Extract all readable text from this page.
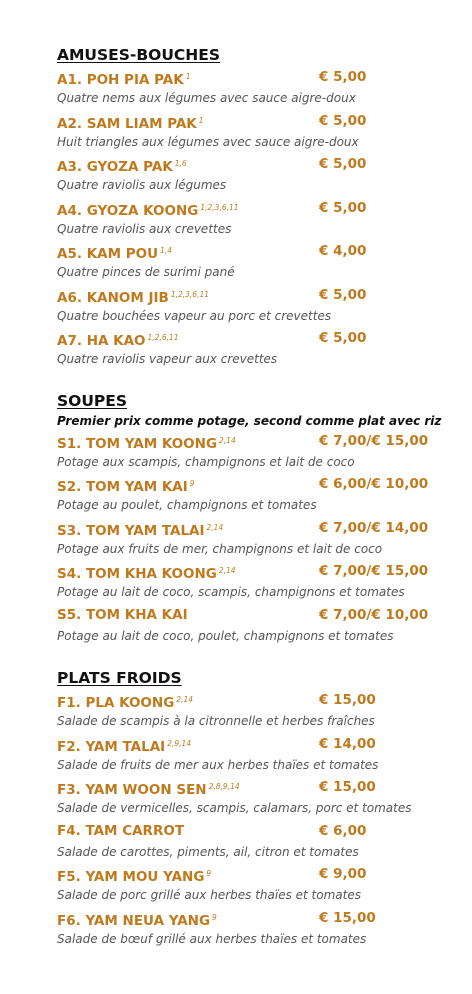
AMUSES-BOUCHES
A1. POH PIA PAK $^1$	€ 5,00
Quatre nems aux légumes avec sauce aigre-doux
A2. SAM LIAM PAK $^1$	€ 5,00
Huit triangles aux légumes avec sauce aigre-doux
A3. GYOZA PAK $^{1,6}$	€ 5,00
Quatre raviolis aux légumes
A4. GYOZA KOONG $^{1,2,3,6,11}$	€ 5,00
Quatre raviolis aux crevettes
A5. KAM POU $^{1,4}$	€ 4,00
Quatre pinces de surimi pané
A6. KANOM JIB $^{1,2,3,6,11}$	€ 5,00
Quatre bouchées vapeur au porc et crevettes
A7. HA KAO $^{1,2,6,11}$	€ 5,00
Quatre raviolis vapeur aux crevettes
SOUPES
Premier prix comme potage, second comme plat avec riz
S1. TOM YAM KOONG $^{2,14}$	€ 7,00/€ 15,00
Potage aux scampis, champignons et lait de coco
S2. TOM YAM KAI $^9$	€ 6,00/€ 10,00
Potage au poulet, champignons et tomates
S3. TOM YAM TALAI $^{2,14}$	€ 7,00/€ 14,00
Potage aux fruits de mer, champignons et lait de coco
S4. TOM KHA KOONG $^{2,14}$	€ 7,00/€ 15,00
Potage au lait de coco, scampis, champignons et tomates
S5. TOM KHA KAI	€ 7,00/€ 10,00
Potage au lait de coco, poulet, champignons et tomates
PLATS FROIDS
F1. PLA KOONG $^{2,14}$	€ 15,00
Salade de scampis à la citronnelle et herbes fraîches
F2. YAM TALAI $^{2,9,14}$	€ 14,00
Salade de fruits de mer aux herbes thaïes et tomates
F3. YAM WOON SEN $^{2,8,9,14}$	€ 15,00
Salade de vermicelles, scampis, calamars, porc et tomates
F4. TAM CARROT	€ 6,00
Salade de carottes, piments, ail, citron et tomates
F5. YAM MOU YANG $^9$	€ 9,00
Salade de porc grillé aux herbes thaïes et tomates
F6. YAM NEUA YANG $^9$	€ 15,00
Salade de bœuf grillé aux herbes thaïes et tomates
